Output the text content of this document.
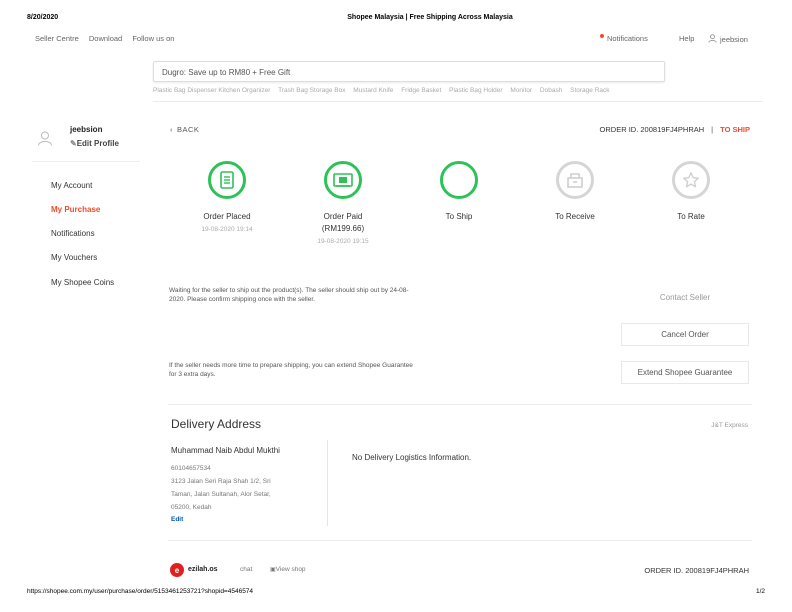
8/20/2020	Shopee Malaysia | Free Shipping Across Malaysia
Seller Centre Download Follow us on	Notifications	Help	jeebsion
Dugro: Save up to RM80 + Free Gift
Plastic Bag Dispenser Kitchen Organizer Trash Bag Storage Box Mustard Knife Fridge Basket Plastic Bag Holder Monitor Dobash Storage Rack
jeebsion
✎Edit Profile
My Account
My Purchase
Notifications
My Vouchers
My Shopee Coins
‹ BACK	ORDER ID. 200819FJ4PHRAH | TO SHIP
Order Placed
19-08-2020 19:14
Order Paid
(RM199.66)
19-08-2020 19:15
To Ship	To Receive	To Rate
Waiting for the seller to ship out the product(s). The seller should ship out by 24-08-2020. Please confirm shipping once with the seller.	Contact Seller
Cancel Order
If the seller needs more time to prepare shipping, you can extend Shopee Guarantee for 3 extra days.	Extend Shopee Guarantee
Delivery Address	J&T Express
Muhammad Naib Abdul Mukthi
60104657534
3123 Jalan Seri Raja Shah 1/2, Sri
Taman, Jalan Sultanah, Alor Setar,
05200, Kedah
Edit
No Delivery Logistics Information.
e	ezilah.os	chat	▣View shop	ORDER ID. 200819FJ4PHRAH
https://shopee.com.my/user/purchase/order/5153461253721?shopid=4546574	1/2
